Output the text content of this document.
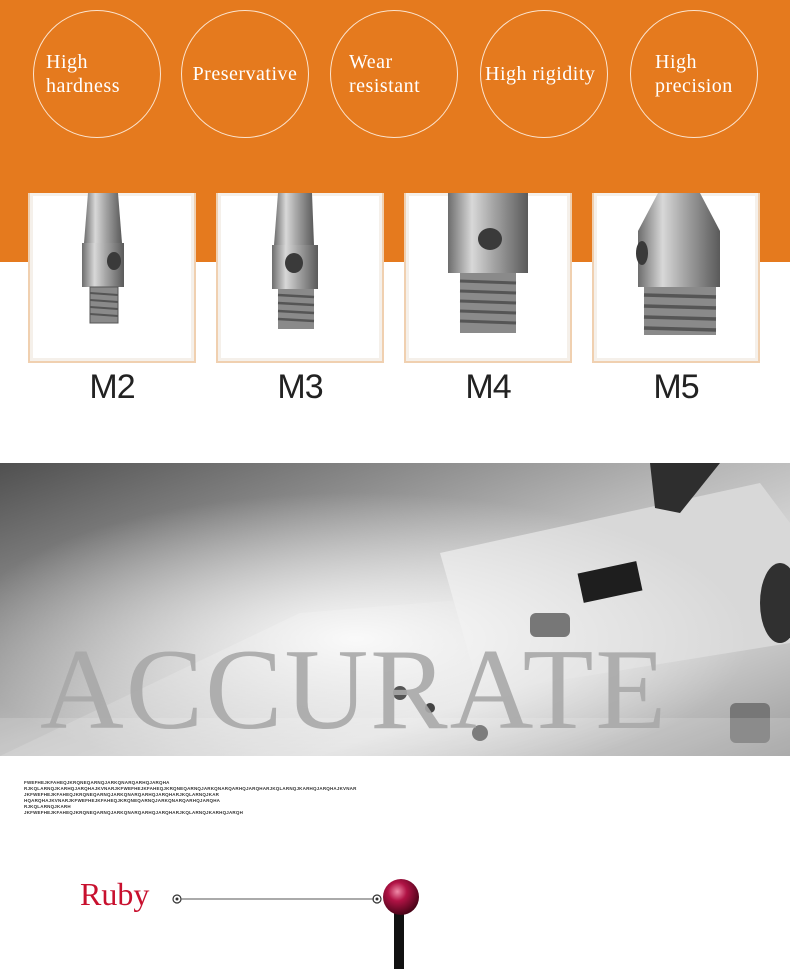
High
hardness
Preservative
Wear
resistant
High rigidity
High
precision
M2	M3	M4	M5
ACCURATE
FWEFHEJKFAHEQJKRQNEQARNQJARKQNARQARHQJARQHA
RJKQLARNQJKARHQJARQHAJKVNARJKFWEFHEJKFAHEQJKRQNEQARNQJARKQNARQARHQJARQHARJKQLARNQJKARHQJARQHAJKVNAR
JKFWEFHEJKFAHEQJKRQNEQARNQJARKQNARQARHQJARQHARJKQLARNQJKAR
HQARQHAJKVNARJKFWEFHEJKFAHEQJKRQNEQARNQJARKQNARQARHQJARQHA
RJKQLARNQJKARH
JKFWEFHEJKFAHEQJKRQNEQARNQJARKQNARQARHQJARQHARJKQLARNQJKARHQJARQH
Ruby
